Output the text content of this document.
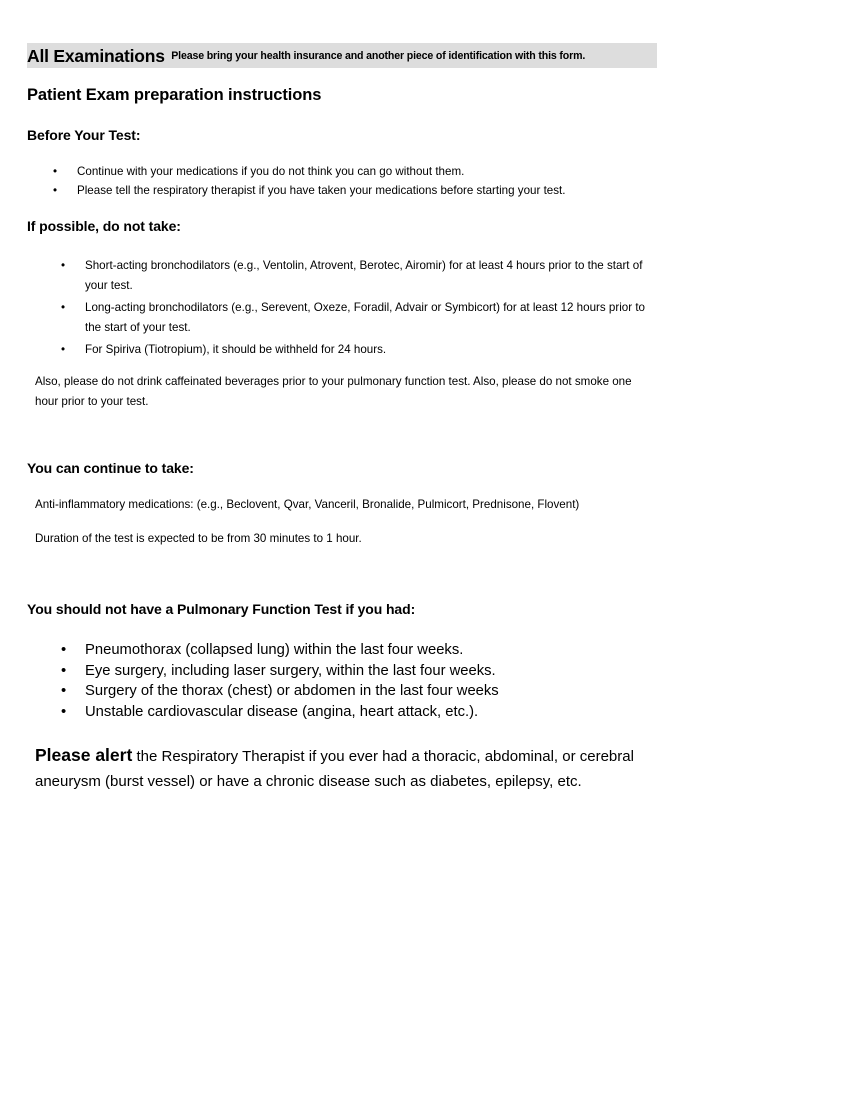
All Examinations Please bring your health insurance and another piece of identification with this form.
Patient Exam preparation instructions
Before Your Test:
• Continue with your medications if you do not think you can go without them.
• Please tell the respiratory therapist if you have taken your medications before starting your test.
If possible, do not take:
• Short-acting bronchodilators (e.g., Ventolin, Atrovent, Berotec, Airomir) for at least 4 hours prior to the start of your test.
• Long-acting bronchodilators (e.g., Serevent, Oxeze, Foradil, Advair or Symbicort) for at least 12 hours prior to the start of your test.
• For Spiriva (Tiotropium), it should be withheld for 24 hours.

Also, please do not drink caffeinated beverages prior to your pulmonary function test. Also, please do not smoke one hour prior to your test.

You can continue to take:

Anti-inflammatory medications: (e.g., Beclovent, Qvar, Vanceril, Bronalide, Pulmicort, Prednisone, Flovent)

Duration of the test is expected to be from 30 minutes to 1 hour.

You should not have a Pulmonary Function Test if you had:
• Pneumothorax (collapsed lung) within the last four weeks.
• Eye surgery, including laser surgery, within the last four weeks.
• Surgery of the thorax (chest) or abdomen in the last four weeks
• Unstable cardiovascular disease (angina, heart attack, etc.).

Please alert the Respiratory Therapist if you ever had a thoracic, abdominal, or cerebral aneurysm (burst vessel) or have a chronic disease such as diabetes, epilepsy, etc.
